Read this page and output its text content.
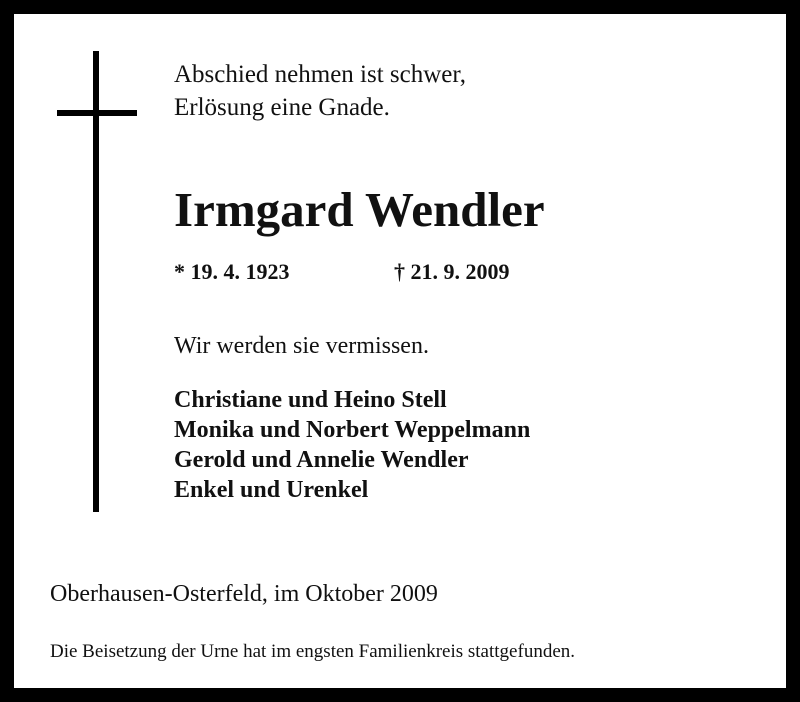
Abschied nehmen ist schwer,
Erlösung eine Gnade.

Irmgard Wendler
* 19. 4. 1923	† 21. 9. 2009
Wir werden sie vermissen.
Christiane und Heino Stell
Monika und Norbert Weppelmann
Gerold und Annelie Wendler
Enkel und Urenkel
Oberhausen-Osterfeld, im Oktober 2009
Die Beisetzung der Urne hat im engsten Familienkreis stattgefunden.
